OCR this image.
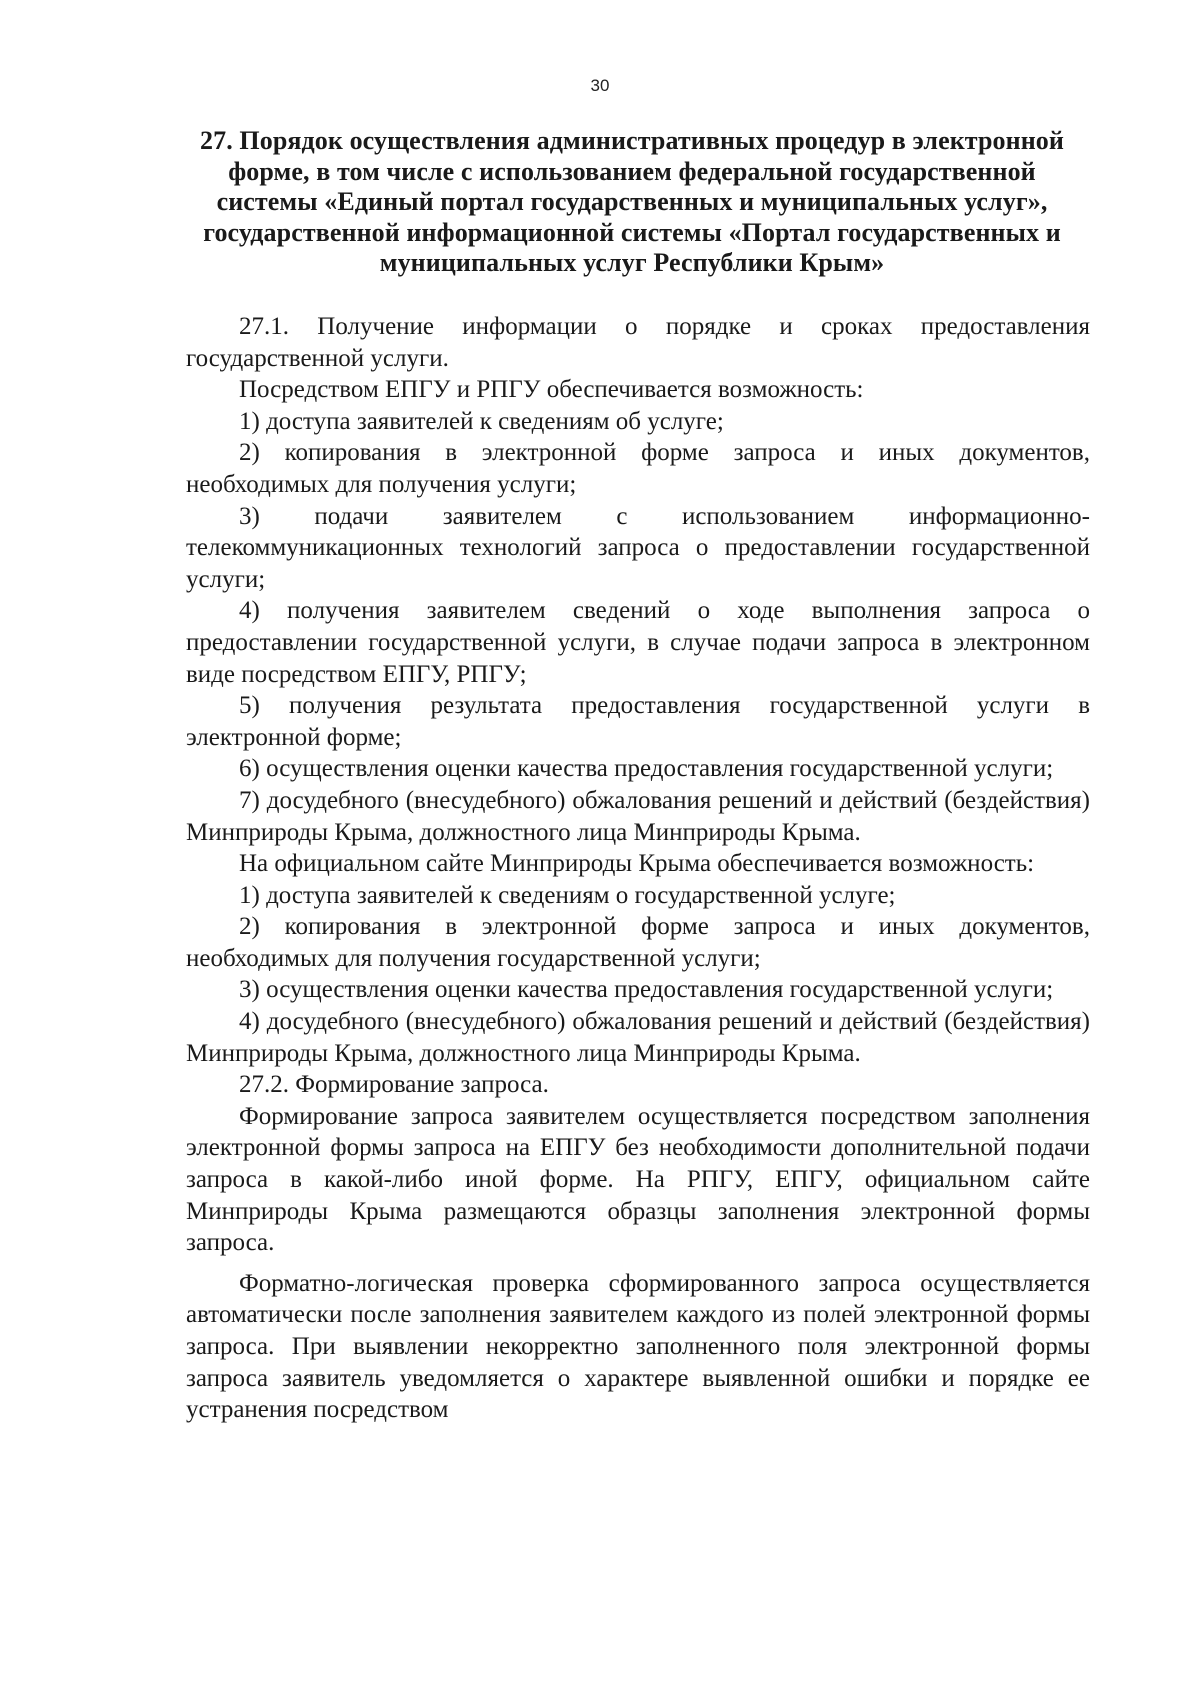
30
27. Порядок осуществления административных процедур в электронной
форме, в том числе с использованием федеральной государственной
системы «Единый портал государственных и муниципальных услуг»,
государственной информационной системы «Портал государственных и
муниципальных услуг Республики Крым»

27.1. Получение информации о порядке и сроках предоставления государственной услуги.

Посредством ЕПГУ и РПГУ обеспечивается возможность:

1) доступа заявителей к сведениям об услуге;

2) копирования в электронной форме запроса и иных документов, необходимых для получения услуги;

3) подачи заявителем с использованием информационно-телекоммуникационных технологий запроса о предоставлении государственной услуги;

4) получения заявителем сведений о ходе выполнения запроса о предоставлении государственной услуги, в случае подачи запроса в электронном виде посредством ЕПГУ, РПГУ;

5) получения результата предоставления государственной услуги в электронной форме;

6) осуществления оценки качества предоставления государственной услуги;

7) досудебного (внесудебного) обжалования решений и действий (бездействия) Минприроды Крыма, должностного лица Минприроды Крыма.

На официальном сайте Минприроды Крыма обеспечивается возможность:

1) доступа заявителей к сведениям о государственной услуге;

2) копирования в электронной форме запроса и иных документов, необходимых для получения государственной услуги;

3) осуществления оценки качества предоставления государственной услуги;

4) досудебного (внесудебного) обжалования решений и действий (бездействия) Минприроды Крыма, должностного лица Минприроды Крыма.

27.2. Формирование запроса.

Формирование запроса заявителем осуществляется посредством заполнения электронной формы запроса на ЕПГУ без необходимости дополнительной подачи запроса в какой-либо иной форме. На РПГУ, ЕПГУ, официальном сайте Минприроды Крыма размещаются образцы заполнения электронной формы запроса.

Форматно-логическая проверка сформированного запроса осуществляется автоматически после заполнения заявителем каждого из полей электронной формы запроса. При выявлении некорректно заполненного поля электронной формы запроса заявитель уведомляется о характере выявленной ошибки и порядке ее устранения посредством
